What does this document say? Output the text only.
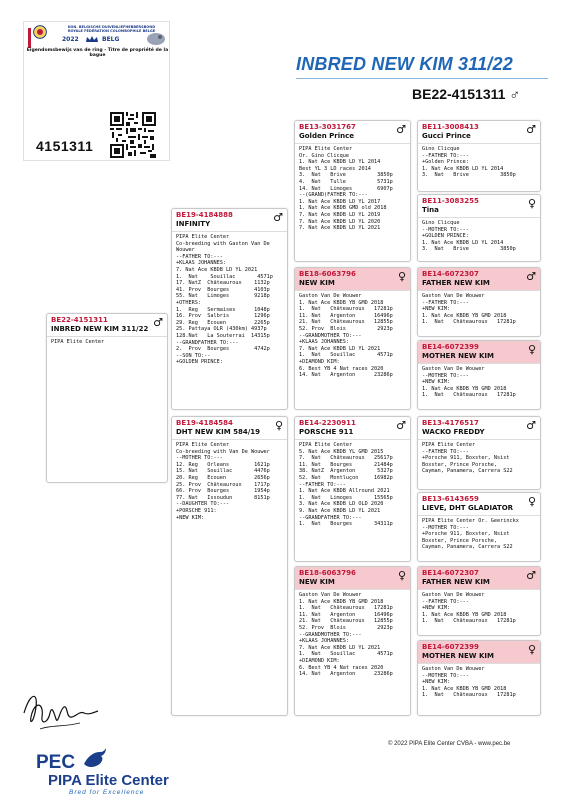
KON. BELGISCHE DUIVENLIEFHEBBERSBOND
ROYALE FÉDÉRATION COLOMBOPHILE BELGE
2022	BELG
Eigendomsbewijs van de ring - Titre de propriété de la bague
4151311
INBRED NEW KIM 311/22
BE22-4151311 ♂
BE22-4151311
INBRED NEW KIM 311/22 ♂
PIPA Elite Center
BE19-4184888
INFINITY	♂
PIPA Elite Center
Co-breeding with Gaston Van De
Wouwer
--FATHER TO:---
+KLAAS JOHANNES:
7. Nat Ace KBDB LD YL 2021
1.  Nat    Souillac       4571p
17. NatZ  Châteauroux    1132p
41. Prov  Bourges        4103p
55. Nat   Limoges        9218p
+OTHERS:
1.  Reg   Sermaises      1048p
16. Prov  Salbris        1296p
29. Reg   Ecouen         2265p
25. Pattaya OLR (430km) 4937p
128.Nat   La Souterrai  14315p
--GRANDFATHER TO:---
2.  Prov  Bourges        4742p
--SON TO:--
+GOLDEN PRINCE:
BE19-4184584
DHT NEW KIM 584/19	♀
PIPA Elite Center
Co-breeding with Van De Wouwer
--MOTHER TO:---
12. Reg   Orleans        1621p
15. Nat   Souillac       4476p
20. Reg   Ecouen         2656p
25. Prov  Châteauroux    1717p
66. Prov  Bourges        1954p
77. Nat   Issoudun       8151p
--DAUGHTER TO:---
+PORSCHE 911:
+NEW KIM:
BE13-3031767
Golden Prince	♂
PIPA Elite Center
Or. Gino Clicque
1. Nat Ace KBDB LD YL 2014
Best YL 3 LD races 2014
3.  Nat   Brive          3850p
4.  Nat   Tulle          5731p
14. Nat   Limoges        6907p
--(GRAND)FATHER TO:---
1. Nat Ace KBDB LD YL 2017
1. Nat Ace KBDB GMD old 2018
7. Nat Ace KBDB LD YL 2019
7. Nat Ace KBDB LD YL 2020
7. Nat Ace KBDB LD YL 2021
BE18-6063796
NEW KIM	♀
Gaston Van De Wouwer
1. Nat Ace KBDB YB GMD 2018
1.  Nat   Châteauroux   17281p
11. Nat   Argenton      16496p
21. Nat   Châteauroux   12855p
52. Prov  Blois          2923p
--GRANDMOTHER TO:---
+KLAAS JOHANNES:
7. Nat Ace KBDB LD YL 2021
1.  Nat   Souillac       4571p
+DIAMOND KIM:
6. Best YB 4 Nat races 2020
14. Nat   Argenton      23286p
BE14-2230911
PORSCHE 911	♂
PIPA Elite Center
5. Nat Ace KBDB YL GMD 2015
7.  Nat   Châteauroux   25617p
11. Nat   Bourges       21484p
38. NatZ  Argenton       5327p
52. Nat   Montluçon     16982p
--FATHER TO:---
1. Nat Ace KBDB Allround 2021
1.  Nat   Limoges       15565p
3. Nat Ace KBDB LD OLD 2020
9. Nat Ace KBDB LD YL 2021
--GRANDFATHER TO:---
1.  Nat   Bourges       34311p
BE18-6063796
NEW KIM	♀
Gaston Van De Wouwer
1. Nat Ace KBDB YB GMD 2018
1.  Nat   Châteauroux   17281p
11. Nat   Argenton      16496p
21. Nat   Châteauroux   12855p
52. Prov  Blois          2923p
--GRANDMOTHER TO:---
+KLAAS JOHANNES:
7. Nat Ace KBDB LD YL 2021
1.  Nat   Souillac       4571p
+DIAMOND KIM:
6. Best YB 4 Nat races 2020
14. Nat   Argenton      23286p
BE11-3008413
Gucci Prince	♂
Gino Clicque
--FATHER TO:---
+Golden Prince:
1. Nat Ace KBDB LD YL 2014
3.  Nat   Brive          3850p
BE11-3083255
Tina	♀
Gino Clicque
--MOTHER TO:---
+GOLDEN PRINCE:
1. Nat Ace KBDB LD YL 2014
3.  Nat   Brive          3850p
BE14-6072307
FATHER NEW KIM	♂
Gaston Van De Wouwer
--FATHER TO:---
+NEW KIM:
1. Nat Ace KBDB YB GMD 2018
1.  Nat   Châteauroux   17281p
BE14-6072399
MOTHER NEW KIM	♀
Gaston Van De Wouwer
--MOTHER TO:---
+NEW KIM:
1. Nat Ace KBDB YB GMD 2018
1.  Nat   Châteauroux   17281p
BE13-4176517
WACKO FREDDY	♂
PIPA Elite Center
--FATHER TO:---
+Porsche 911, Boxster, Nsist
Boxster, Prince Porsche,
Cayman, Panamera, Carrera S22
BE13-6143659
LIEVE, DHT GLADIATOR	♀
PIPA Elite Center Or. Geerinckx
--MOTHER TO:---
+Porsche 911, Boxster, Nsist
Boxster, Prince Porsche,
Cayman, Panamera, Carrera S22
BE14-6072307
FATHER NEW KIM	♂
Gaston Van De Wouwer
--FATHER TO:---
+NEW KIM:
1. Nat Ace KBDB YB GMD 2018
1.  Nat   Châteauroux   17281p
BE14-6072399
MOTHER NEW KIM	♀
Gaston Van De Wouwer
--MOTHER TO:---
+NEW KIM:
1. Nat Ace KBDB YB GMD 2018
1.  Nat   Châteauroux   17281p
© 2022 PIPA Elite Center CVBA - www.pec.be
PEC
PIPA Elite Center
Bred for Excellence
